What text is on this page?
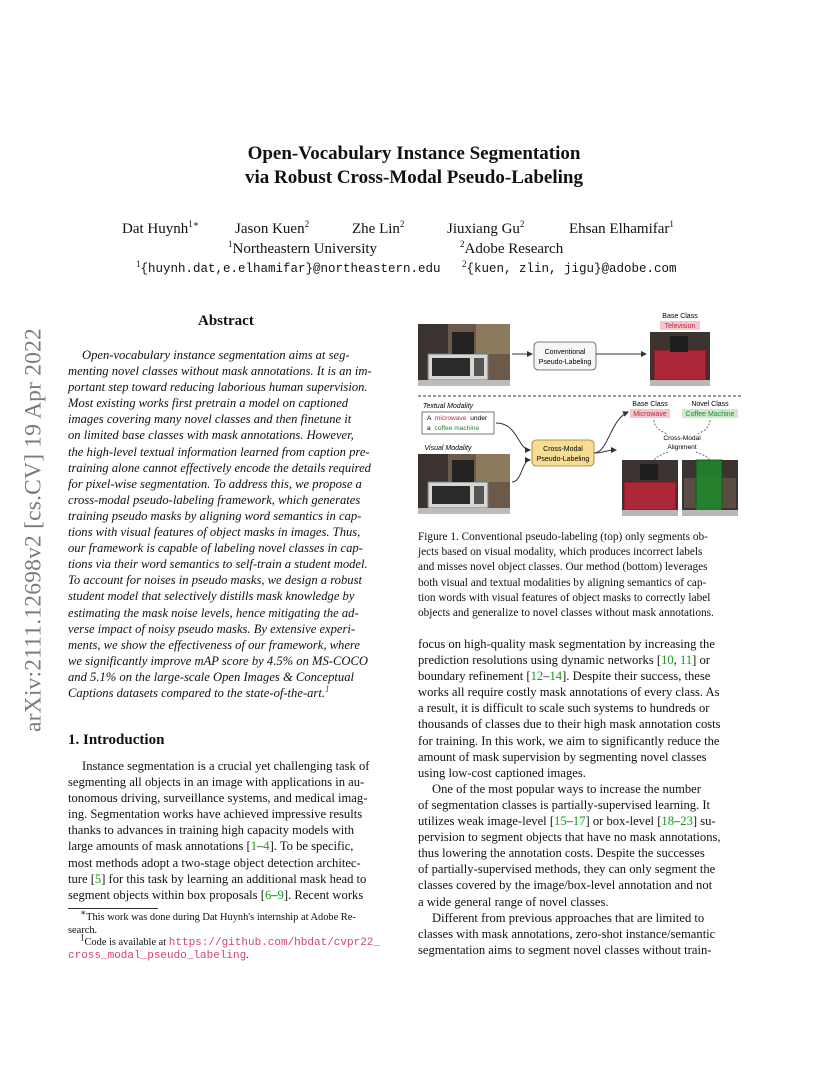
arXiv:2111.12698v2 [cs.CV] 19 Apr 2022
Open-Vocabulary Instance Segmentation
via Robust Cross-Modal Pseudo-Labeling
Dat Huynh$^{1∗}$ Jason Kuen$^2$	Zhe Lin$^2$	Jiuxiang Gu$^2$	Ehsan Elhamifar$^1$
$^1$Northeastern University	$^2$Adobe Research
$^1${huynh.dat,e.elhamifar}@northeastern.edu $^2${kuen, zlin, jigu}@adobe.com
Abstract

Open-vocabulary instance segmentation aims at seg-

menting novel classes without mask annotations. It is an im-

portant step toward reducing laborious human supervision.

Most existing works first pretrain a model on captioned

images covering many novel classes and then finetune it

on limited base classes with mask annotations. However,

the high-level textual information learned from caption pre-

training alone cannot effectively encode the details required

for pixel-wise segmentation. To address this, we propose a

cross-modal pseudo-labeling framework, which generates

training pseudo masks by aligning word semantics in cap-

tions with visual features of object masks in images. Thus,

our framework is capable of labeling novel classes in cap-

tions via their word semantics to self-train a student model.

To account for noises in pseudo masks, we design a robust

student model that selectively distills mask knowledge by

estimating the mask noise levels, hence mitigating the ad-

verse impact of noisy pseudo masks. By extensive experi-

ments, we show the effectiveness of our framework, where

we significantly improve mAP score by 4.5% on MS-COCO

and 5.1% on the large-scale Open Images & Conceptual

Captions datasets compared to the state-of-the-art.$^1$

1. Introduction

Instance segmentation is a crucial yet challenging task of

segmenting all objects in an image with applications in au-

tonomous driving, surveillance systems, and medical imag-

ing. Segmentation works have achieved impressive results

thanks to advances in training high capacity models with

large amounts of mask annotations [1–4]. To be specific,

most methods adopt a two-stage object detection architec-

ture [5] for this task by learning an additional mask head to

segment objects within box proposals [6–9]. Recent works

∗This work was done during Dat Huynh's internship at Adobe Re-
search.
$^1$Code is available at https://github.com/hbdat/cvpr22_
cross_modal_pseudo_labeling.
Conventional
Pseudo-Labeling
Base Class
Television
Textual Modality
A microwave under
a coffee machine
Visual Modality	Cross-Modal
Pseudo-Labeling
Base Class
Microwave
Novel Class
Coffee Machine
Cross-Modal
Alignment
Figure 1. Conventional pseudo-labeling (top) only segments ob-
jects based on visual modality, which produces incorrect labels
and misses novel object classes. Our method (bottom) leverages
both visual and textual modalities by aligning semantics of cap-
tion words with visual features of object masks to correctly label
objects and generalize to novel classes without mask annotations.

focus on high-quality mask segmentation by increasing the

prediction resolutions using dynamic networks [10, 11] or

boundary refinement [12–14]. Despite their success, these

works all require costly mask annotations of every class. As

a result, it is difficult to scale such systems to hundreds or

thousands of classes due to their high mask annotation costs

for training. In this work, we aim to significantly reduce the

amount of mask supervision by segmenting novel classes

using low-cost captioned images.

One of the most popular ways to increase the number

of segmentation classes is partially-supervised learning. It

utilizes weak image-level [15–17] or box-level [18–23] su-

pervision to segment objects that have no mask annotations,

thus lowering the annotation costs. Despite the successes

of partially-supervised methods, they can only segment the

classes covered by the image/box-level annotation and not

a wide general range of novel classes.

Different from previous approaches that are limited to

classes with mask annotations, zero-shot instance/semantic

segmentation aims to segment novel classes without train-
